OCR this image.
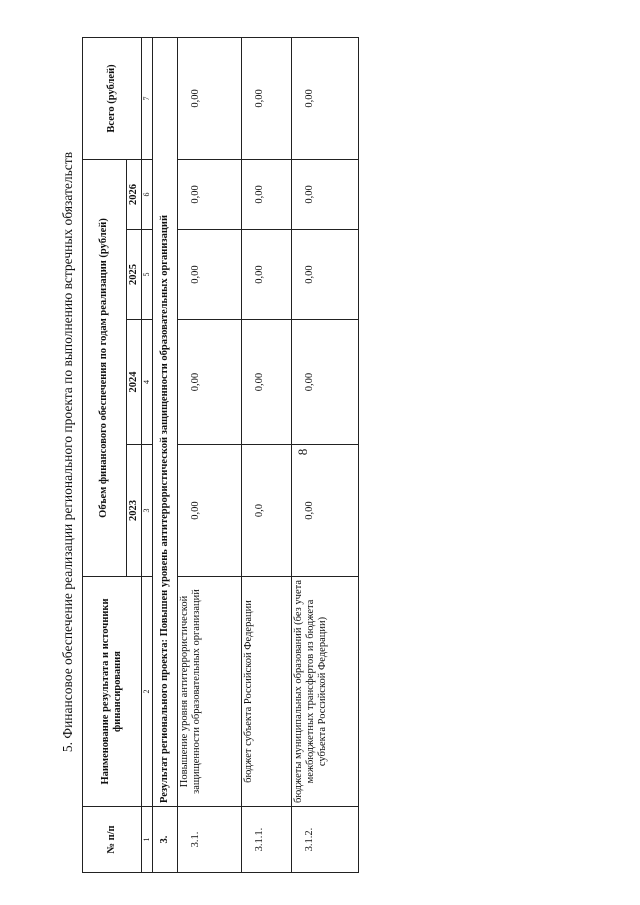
8
5. Финансовое обеспечение реализации регионального проекта по выполнению встречных обязательств
№ п/п	Наименование результата и источники финансирования	Объем финансового обеспечения по годам реализации (рублей)				Всего (рублей)
		2023	2024	2025	2026	
1	2	3	4	5	6	7
3.	Результат регионального проекта: Повышен уровень антитеррористической защищенности образовательных организаций					
3.1.	Повышение уровня антитеррористической защищенности образовательных организаций	0,00	0,00	0,00	0,00	0,00
3.1.1.	бюджет субъекта Российской Федерации	0,0	0,00	0,00	0,00	0,00
3.1.2.	бюджеты муниципальных образований (без учета межбюджетных трансфертов из бюджета субъекта Российской Федерации)	0,00	0,00	0,00	0,00	0,00
